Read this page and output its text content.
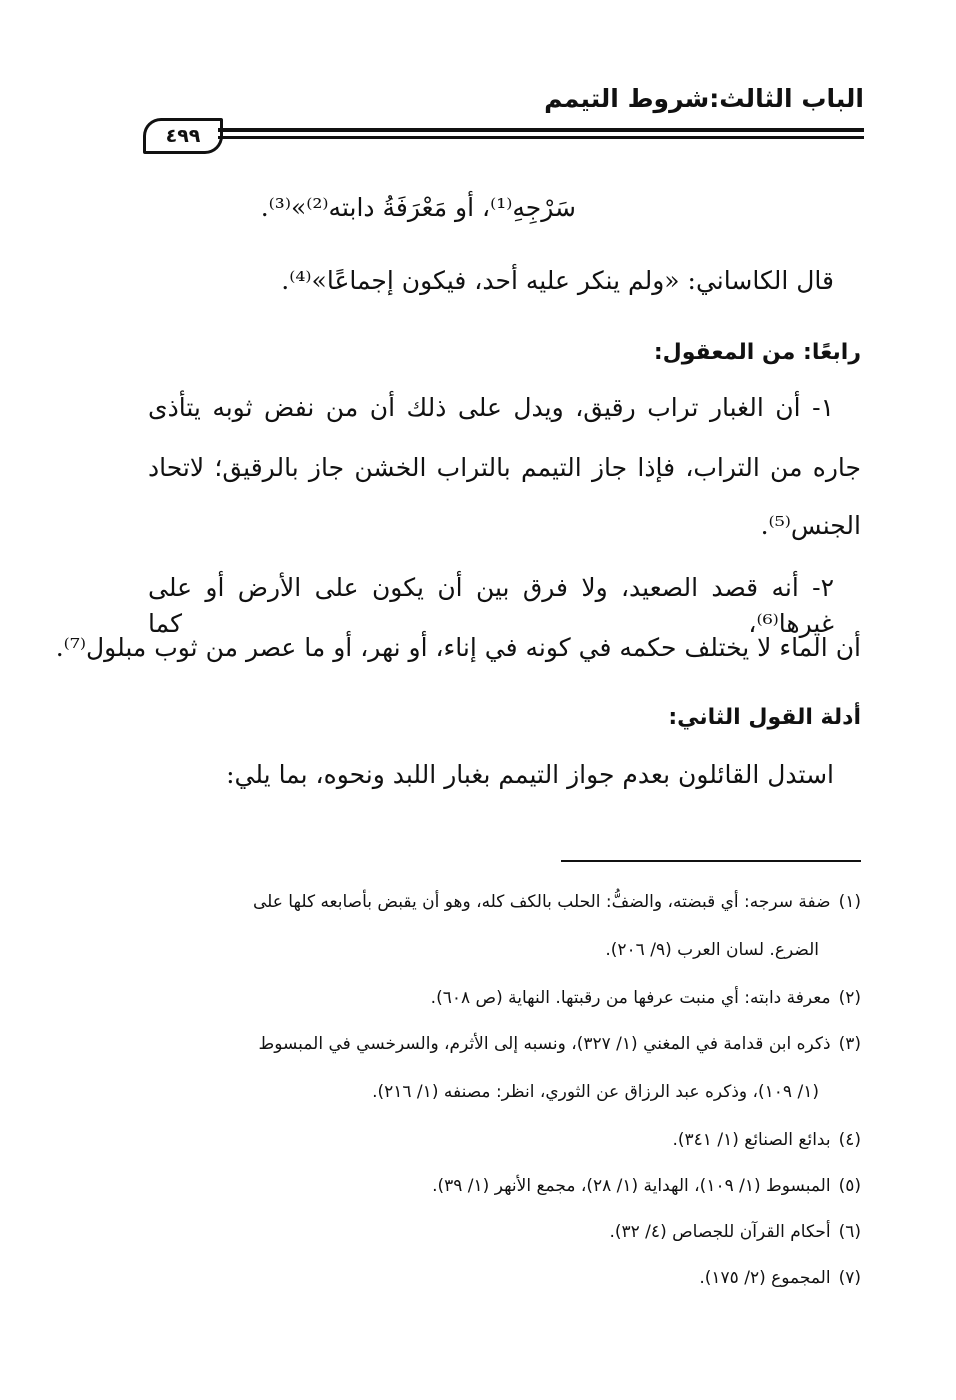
الباب الثالث:شروط التيمم
٤٩٩
سَرْجِهِ⁽¹⁾، أو مَعْرَفَةُ دابته⁽²⁾»⁽³⁾.
قال الكاساني: «ولم ينكر عليه أحد، فيكون إجماعًا»⁽⁴⁾.
رابعًا: من المعقول:
١- أن الغبار تراب رقيق، ويدل على ذلك أن من نفض ثوبه يتأذى
جاره من التراب، فإذا جاز التيمم بالتراب الخشن جاز بالرقيق؛ لاتحاد
الجنس⁽⁵⁾.
٢- أنه قصد الصعيد، ولا فرق بين أن يكون على الأرض أو على غيرها⁽⁶⁾، كما
أن الماء لا يختلف حكمه في كونه في إناء، أو نهر، أو ما عصر من ثوب مبلول⁽⁷⁾.
أدلة القول الثاني:
استدل القائلون بعدم جواز التيمم بغبار اللبد ونحوه، بما يلي:
(١)ضفة سرجه: أي قبضته، والضفُّ: الحلب بالكف كله، وهو أن يقبض بأصابعه كلها على
الضرع. لسان العرب (٩/ ٢٠٦).
(٢)معرفة دابته: أي منبت عرفها من رقبتها. النهاية (ص ٦٠٨).
(٣)ذكره ابن قدامة في المغني (١/ ٣٢٧)، ونسبه إلى الأثرم، والسرخسي في المبسوط
(١/ ١٠٩)، وذكره عبد الرزاق عن الثوري، انظر: مصنفه (١/ ٢١٦).
(٤)بدائع الصنائع (١/ ٣٤١).
(٥)المبسوط (١/ ١٠٩)، الهداية (١/ ٢٨)، مجمع الأنهر (١/ ٣٩).
(٦)أحكام القرآن للجصاص (٤/ ٣٢).
(٧)المجموع (٢/ ١٧٥).
